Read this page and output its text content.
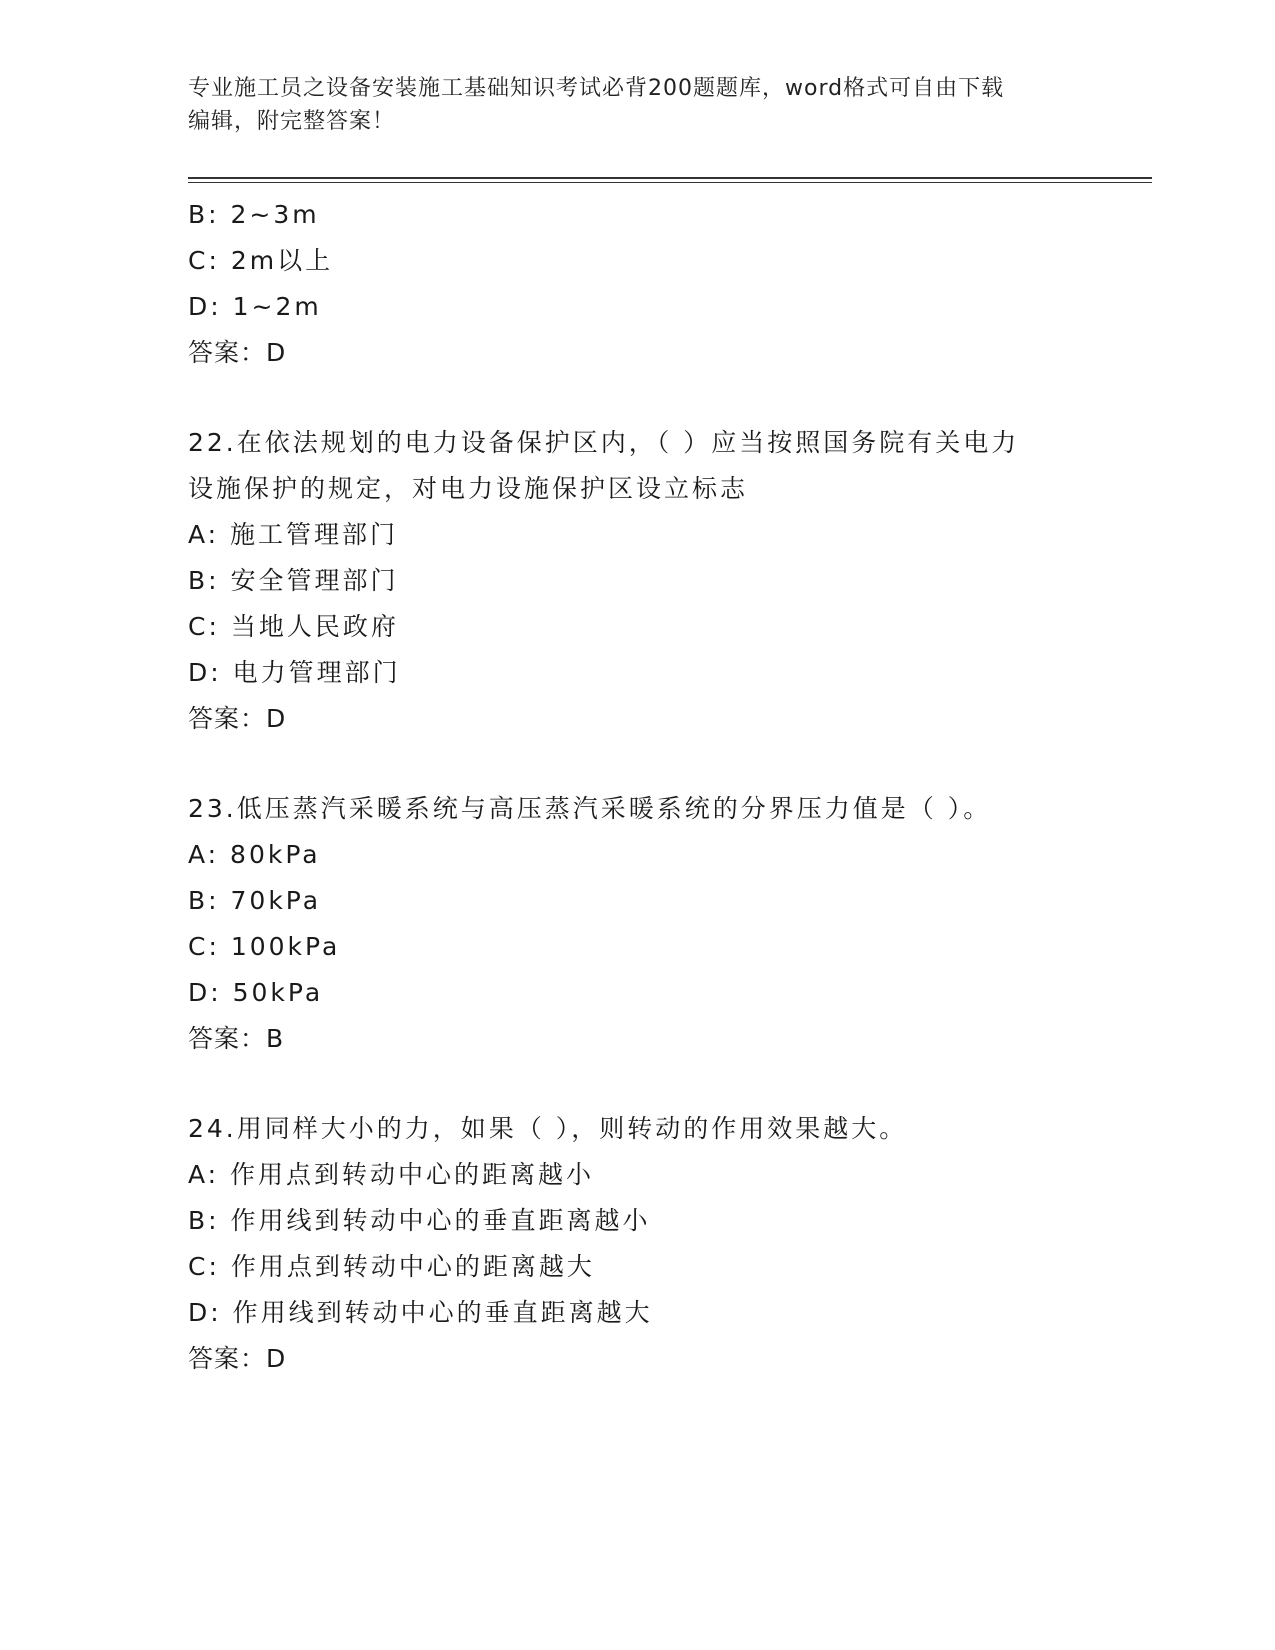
专业施工员之设备安装施工基础知识考试必背200题题库，word格式可自由下载
编辑，附完整答案！
B: 2~3m
C: 2m以上
D: 1~2m
答案：D
22.在依法规划的电力设备保护区内，（ ）应当按照国务院有关电力
设施保护的规定，对电力设施保护区设立标志
A: 施工管理部门
B: 安全管理部门
C: 当地人民政府
D: 电力管理部门
答案：D
23.低压蒸汽采暖系统与高压蒸汽采暖系统的分界压力值是（ ）。
A: 80kPa
B: 70kPa
C: 100kPa
D: 50kPa
答案：B
24.用同样大小的力，如果（ ），则转动的作用效果越大。
A: 作用点到转动中心的距离越小
B: 作用线到转动中心的垂直距离越小
C: 作用点到转动中心的距离越大
D: 作用线到转动中心的垂直距离越大
答案：D
